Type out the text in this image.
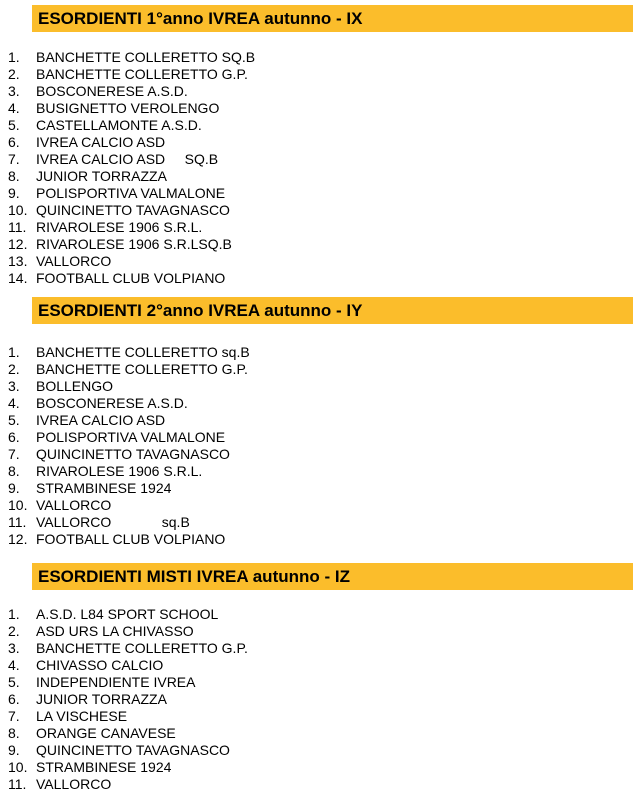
ESORDIENTI 1°anno IVREA autunno - IX
1. BANCHETTE COLLERETTO SQ.B
2. BANCHETTE COLLERETTO G.P.
3. BOSCONERESE A.S.D.
4. BUSIGNETTO VEROLENGO
5. CASTELLAMONTE A.S.D.
6. IVREA CALCIO ASD
7. IVREA CALCIO ASD     SQ.B
8. JUNIOR TORRAZZA
9. POLISPORTIVA VALMALONE
10. QUINCINETTO TAVAGNASCO
11. RIVAROLESE 1906 S.R.L.
12. RIVAROLESE 1906 S.R.LSQ.B
13. VALLORCO
14. FOOTBALL CLUB VOLPIANO
ESORDIENTI 2°anno IVREA autunno - IY
1. BANCHETTE COLLERETTO sq.B
2. BANCHETTE COLLERETTO G.P.
3. BOLLENGO
4. BOSCONERESE A.S.D.
5. IVREA CALCIO ASD
6. POLISPORTIVA VALMALONE
7. QUINCINETTO TAVAGNASCO
8. RIVAROLESE 1906 S.R.L.
9. STRAMBINESE 1924
10. VALLORCO
11. VALLORCO             sq.B
12. FOOTBALL CLUB VOLPIANO
ESORDIENTI MISTI IVREA autunno - IZ
1. A.S.D. L84 SPORT SCHOOL
2. ASD URS LA CHIVASSO
3. BANCHETTE COLLERETTO G.P.
4. CHIVASSO CALCIO
5. INDEPENDIENTE IVREA
6. JUNIOR TORRAZZA
7. LA VISCHESE
8. ORANGE CANAVESE
9. QUINCINETTO TAVAGNASCO
10. STRAMBINESE 1924
11. VALLORCO
